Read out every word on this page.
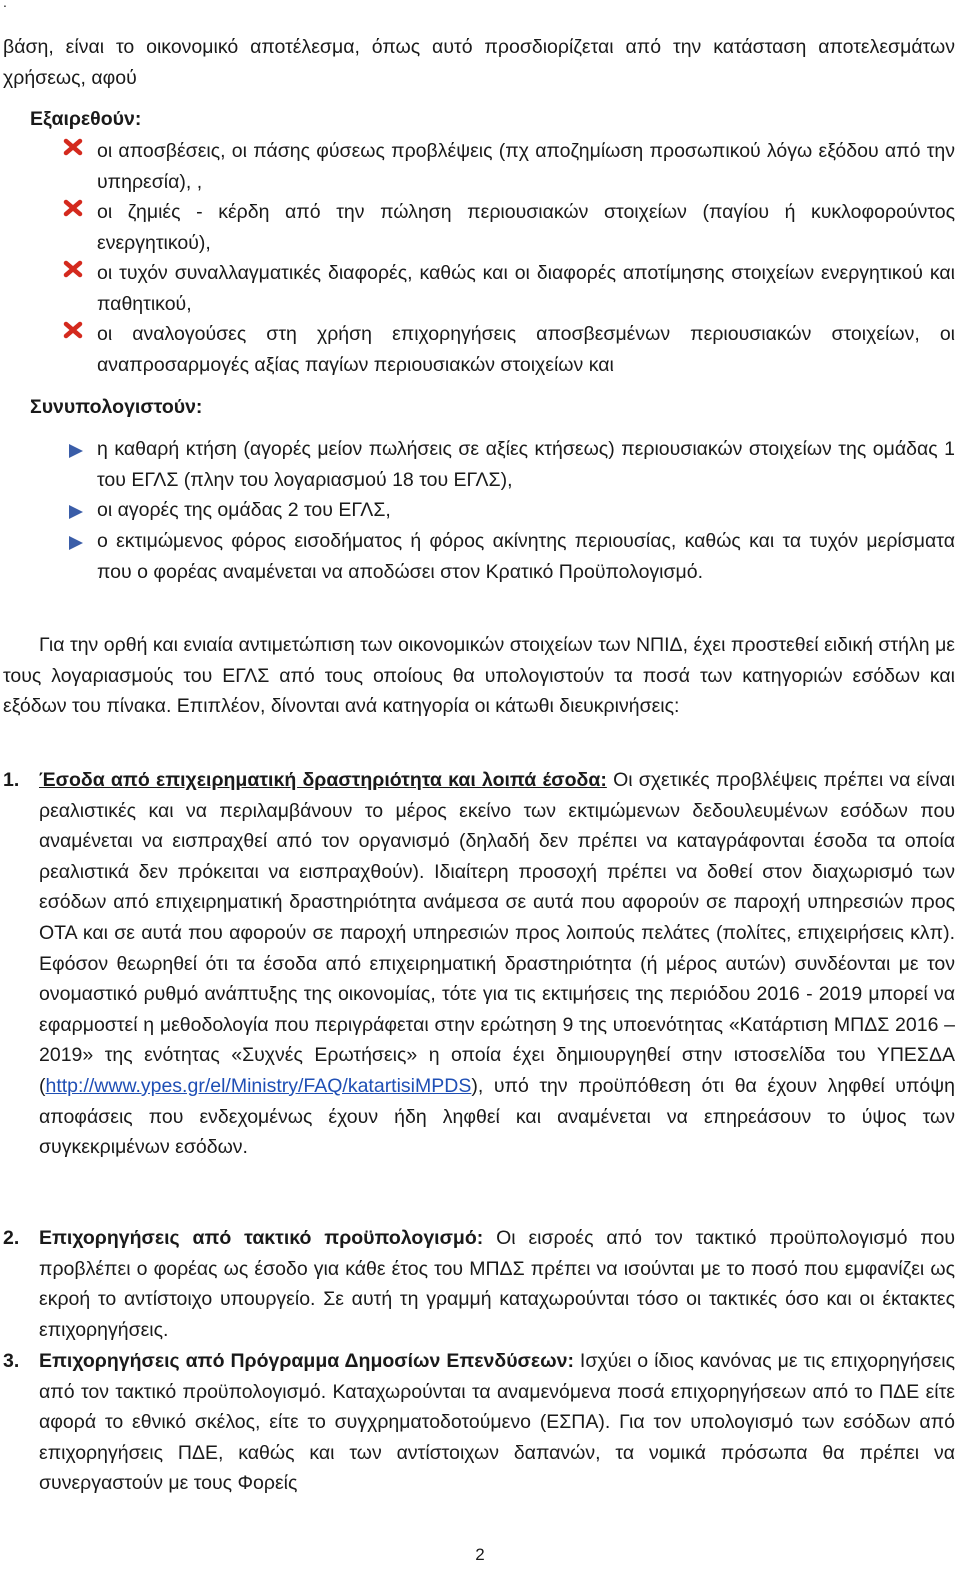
.

βάση, είναι το οικονομικό αποτέλεσμα, όπως αυτό προσδιορίζεται από την κατάσταση αποτελεσμάτων χρήσεως, αφού

Εξαιρεθούν:

οι αποσβέσεις, οι πάσης φύσεως προβλέψεις (πχ αποζημίωση προσωπικού λόγω εξόδου από την υπηρεσία), ,

οι ζημιές - κέρδη από την πώληση περιουσιακών στοιχείων (παγίου ή κυκλοφορούντος ενεργητικού),

οι τυχόν συναλλαγματικές διαφορές, καθώς και οι διαφορές αποτίμησης στοιχείων ενεργητικού και παθητικού,

οι αναλογούσες στη χρήση επιχορηγήσεις αποσβεσμένων περιουσιακών στοιχείων, οι αναπροσαρμογές αξίας παγίων περιουσιακών στοιχείων και

Συνυπολογιστούν:

η καθαρή κτήση (αγορές μείον πωλήσεις σε αξίες κτήσεως) περιουσιακών στοιχείων της ομάδας 1 του ΕΓΛΣ (πλην του λογαριασμού 18 του ΕΓΛΣ),

οι αγορές της ομάδας 2 του ΕΓΛΣ,

ο εκτιμώμενος φόρος εισοδήματος ή φόρος ακίνητης περιουσίας, καθώς και τα τυχόν μερίσματα που ο φορέας αναμένεται να αποδώσει στον Κρατικό Προϋπολογισμό.

Για την ορθή και ενιαία αντιμετώπιση των οικονομικών στοιχείων των ΝΠΙΔ, έχει προστεθεί ειδική στήλη με τους λογαριασμούς του ΕΓΛΣ από τους οποίους θα υπολογιστούν τα ποσά των κατηγοριών εσόδων και εξόδων του πίνακα. Επιπλέον, δίνονται ανά κατηγορία οι κάτωθι διευκρινήσεις:

1. Έσοδα από επιχειρηματική δραστηριότητα και λοιπά έσοδα: Οι σχετικές προβλέψεις πρέπει να είναι ρεαλιστικές και να περιλαμβάνουν το μέρος εκείνο των εκτιμώμενων δεδουλευμένων εσόδων που αναμένεται να εισπραχθεί από τον οργανισμό (δηλαδή δεν πρέπει να καταγράφονται έσοδα τα οποία ρεαλιστικά δεν πρόκειται να εισπραχθούν). Ιδιαίτερη προσοχή πρέπει να δοθεί στον διαχωρισμό των εσόδων από επιχειρηματική δραστηριότητα ανάμεσα σε αυτά που αφορούν σε παροχή υπηρεσιών προς ΟΤΑ και σε αυτά που αφορούν σε παροχή υπηρεσιών προς λοιπούς πελάτες (πολίτες, επιχειρήσεις κλπ). Εφόσον θεωρηθεί ότι τα έσοδα από επιχειρηματική δραστηριότητα (ή μέρος αυτών) συνδέονται με τον ονομαστικό ρυθμό ανάπτυξης της οικονομίας, τότε για τις εκτιμήσεις της περιόδου 2016 - 2019 μπορεί να εφαρμοστεί η μεθοδολογία που περιγράφεται στην ερώτηση 9 της υποενότητας «Κατάρτιση ΜΠΔΣ 2016 – 2019» της ενότητας «Συχνές Ερωτήσεις» η οποία έχει δημιουργηθεί στην ιστοσελίδα του ΥΠΕΣΔΑ (http://www.ypes.gr/el/Ministry/FAQ/katartisiMPDS), υπό την προϋπόθεση ότι θα έχουν ληφθεί υπόψη αποφάσεις που ενδεχομένως έχουν ήδη ληφθεί και αναμένεται να επηρεάσουν το ύψος των συγκεκριμένων εσόδων.

2. Επιχορηγήσεις από τακτικό προϋπολογισμό: Οι εισροές από τον τακτικό προϋπολογισμό που προβλέπει ο φορέας ως έσοδο για κάθε έτος του ΜΠΔΣ πρέπει να ισούνται με το ποσό που εμφανίζει ως εκροή το αντίστοιχο υπουργείο. Σε αυτή τη γραμμή καταχωρούνται τόσο οι τακτικές όσο και οι έκτακτες επιχορηγήσεις.

3. Επιχορηγήσεις από Πρόγραμμα Δημοσίων Επενδύσεων: Ισχύει ο ίδιος κανόνας με τις επιχορηγήσεις από τον τακτικό προϋπολογισμό. Καταχωρούνται τα αναμενόμενα ποσά επιχορηγήσεων από το ΠΔΕ είτε αφορά το εθνικό σκέλος, είτε το συγχρηματοδοτούμενο (ΕΣΠΑ). Για τον υπολογισμό των εσόδων από επιχορηγήσεις ΠΔΕ, καθώς και των αντίστοιχων δαπανών, τα νομικά πρόσωπα θα πρέπει να συνεργαστούν με τους Φορείς

2
